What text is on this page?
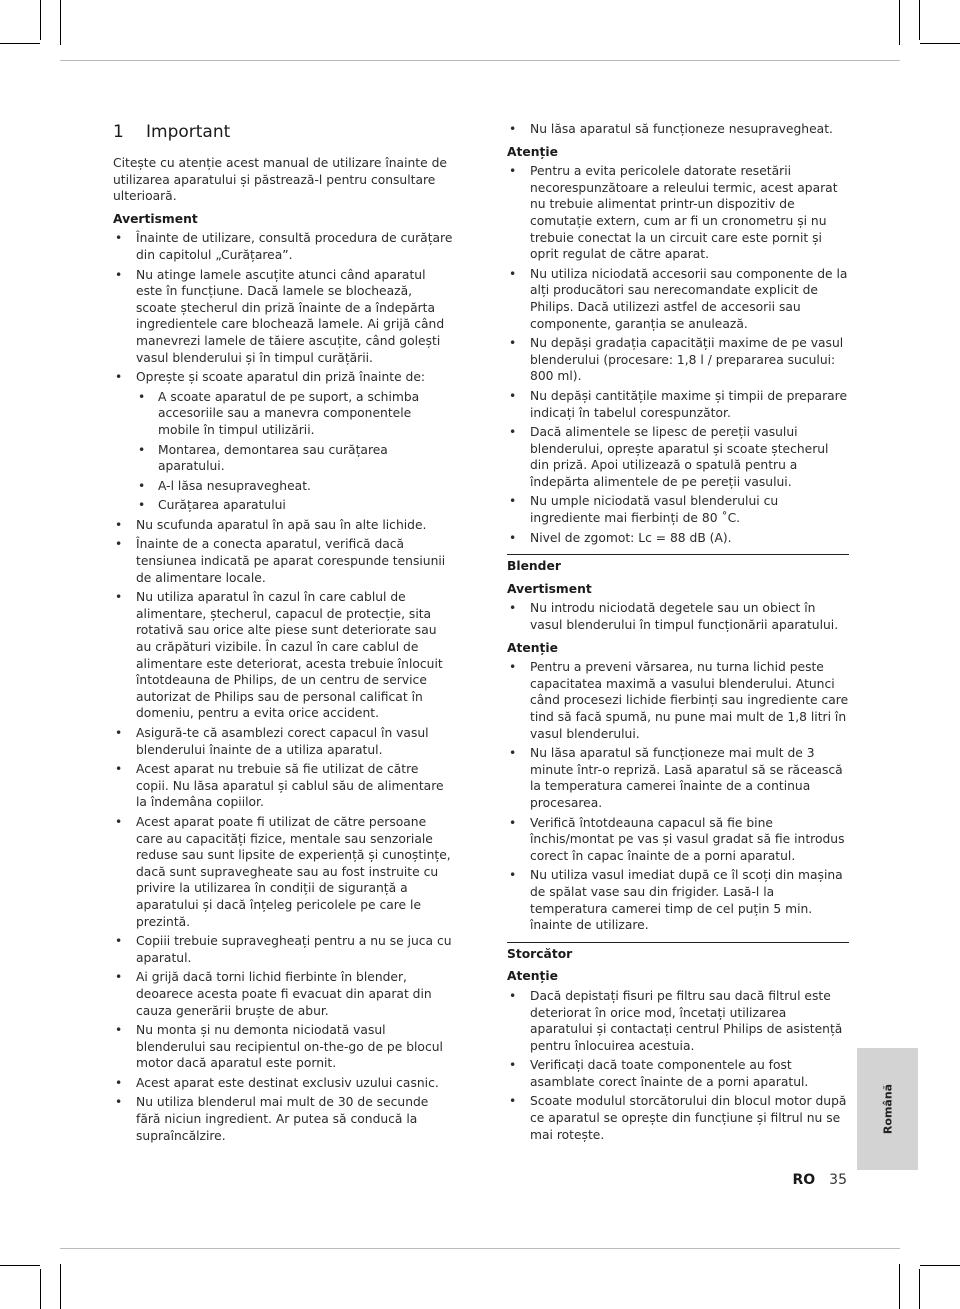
1 Important

Citește cu atenție acest manual de utilizare înainte de utilizarea aparatului și păstrează-l pentru consultare ulterioară.

Avertisment
• Înainte de utilizare, consultă procedura de curățare din capitolul „Curățarea”.
• Nu atinge lamele ascuțite atunci când aparatul este în funcțiune. Dacă lamele se blochează, scoate ștecherul din priză înainte de a îndepărta ingredientele care blochează lamele. Ai grijă când manevrezi lamele de tăiere ascuțite, când golești vasul blenderului și în timpul curățării.
• Oprește și scoate aparatul din priză înainte de:
• A scoate aparatul de pe suport, a schimba accesoriile sau a manevra componentele mobile în timpul utilizării.
• Montarea, demontarea sau curățarea aparatului.
• A-l lăsa nesupravegheat.
• Curățarea aparatului
• Nu scufunda aparatul în apă sau în alte lichide.
• Înainte de a conecta aparatul, verifică dacă tensiunea indicată pe aparat corespunde tensiunii de alimentare locale.
• Nu utiliza aparatul în cazul în care cablul de alimentare, ștecherul, capacul de protecție, sita rotativă sau orice alte piese sunt deteriorate sau au crăpături vizibile. În cazul în care cablul de alimentare este deteriorat, acesta trebuie înlocuit întotdeauna de Philips, de un centru de service autorizat de Philips sau de personal calificat în domeniu, pentru a evita orice accident.
• Asigură-te că asamblezi corect capacul în vasul blenderului înainte de a utiliza aparatul.
• Acest aparat nu trebuie să fie utilizat de către copii. Nu lăsa aparatul și cablul său de alimentare la îndemâna copiilor.
• Acest aparat poate fi utilizat de către persoane care au capacități fizice, mentale sau senzoriale reduse sau sunt lipsite de experiență și cunoștințe, dacă sunt supravegheate sau au fost instruite cu privire la utilizarea în condiții de siguranță a aparatului și dacă înțeleg pericolele pe care le prezintă.
• Copiii trebuie supravegheați pentru a nu se juca cu aparatul.
• Ai grijă dacă torni lichid fierbinte în blender, deoarece acesta poate fi evacuat din aparat din cauza generării bruște de abur.
• Nu monta și nu demonta niciodată vasul blenderului sau recipientul on-the-go de pe blocul motor dacă aparatul este pornit.
• Acest aparat este destinat exclusiv uzului casnic.
• Nu utiliza blenderul mai mult de 30 de secunde fără niciun ingredient. Ar putea să conducă la supraîncălzire.
• Nu lăsa aparatul să funcționeze nesupravegheat.
Atenție
• Pentru a evita pericolele datorate resetării necorespunzătoare a releului termic, acest aparat nu trebuie alimentat printr-un dispozitiv de comutație extern, cum ar fi un cronometru și nu trebuie conectat la un circuit care este pornit și oprit regulat de către aparat.
• Nu utiliza niciodată accesorii sau componente de la alți producători sau nerecomandate explicit de Philips. Dacă utilizezi astfel de accesorii sau componente, garanția se anulează.
• Nu depăși gradația capacității maxime de pe vasul blenderului (procesare: 1,8 l / prepararea sucului: 800 ml).
• Nu depăși cantitățile maxime și timpii de preparare indicați în tabelul corespunzător.
• Dacă alimentele se lipesc de pereții vasului blenderului, oprește aparatul și scoate ștecherul din priză. Apoi utilizează o spatulă pentru a îndepărta alimentele de pe pereții vasului.
• Nu umple niciodată vasul blenderului cu ingrediente mai fierbinți de 80 ˚C.
• Nivel de zgomot: Lc = 88 dB (A).
Blender
Avertisment
• Nu introdu niciodată degetele sau un obiect în vasul blenderului în timpul funcționării aparatului.
Atenție
• Pentru a preveni vărsarea, nu turna lichid peste capacitatea maximă a vasului blenderului. Atunci când procesezi lichide fierbinți sau ingrediente care tind să facă spumă, nu pune mai mult de 1,8 litri în vasul blenderului.
• Nu lăsa aparatul să funcționeze mai mult de 3 minute într-o repriză. Lasă aparatul să se răcească la temperatura camerei înainte de a continua procesarea.
• Verifică întotdeauna capacul să fie bine închis/montat pe vas și vasul gradat să fie introdus corect în capac înainte de a porni aparatul.
• Nu utiliza vasul imediat după ce îl scoți din mașina de spălat vase sau din frigider. Lasă-l la temperatura camerei timp de cel puțin 5 min. înainte de utilizare.
Storcător
Atenție
• Dacă depistați fisuri pe filtru sau dacă filtrul este deteriorat în orice mod, încetați utilizarea aparatului și contactați centrul Philips de asistență pentru înlocuirea acestuia.
• Verificați dacă toate componentele au fost asamblate corect înainte de a porni aparatul.
• Scoate modulul storcătorului din blocul motor după ce aparatul se oprește din funcțiune și filtrul nu se mai rotește.
Română
RO 35
